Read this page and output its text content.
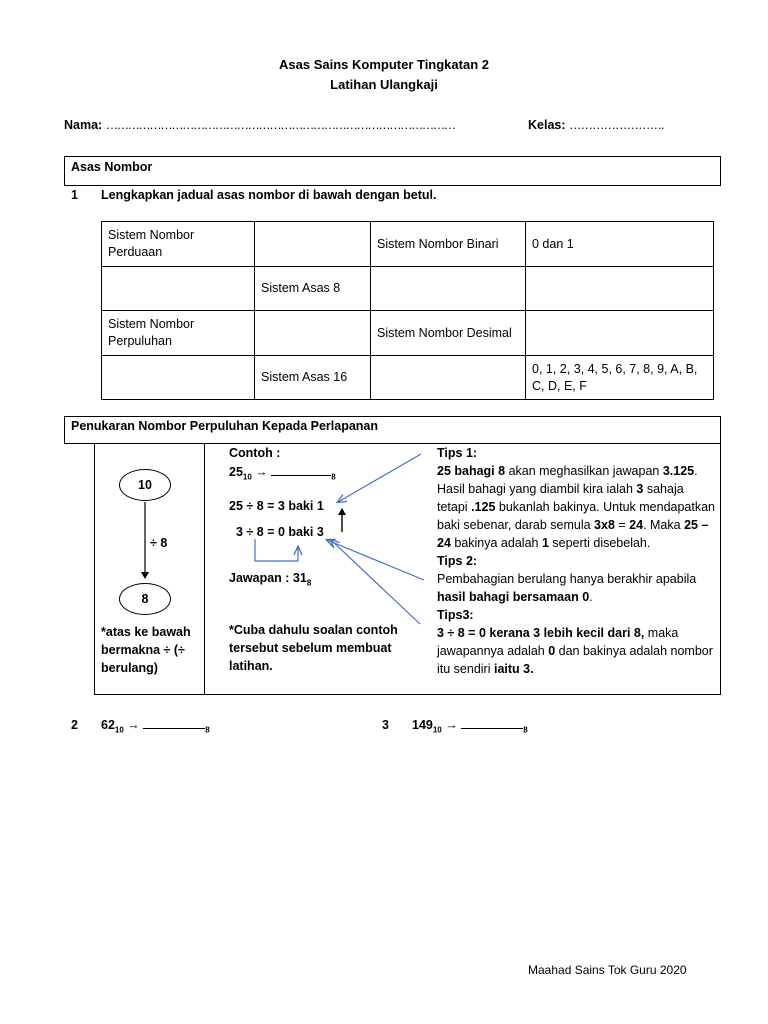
Asas Sains Komputer Tingkatan 2
Latihan Ulangkaji
Nama: ……………………………………………………………………………………	Kelas: …………………….
Asas Nombor
1 Lengkapkan jadual asas nombor di bawah dengan betul.
Sistem Nombor Perduaan		Sistem Nombor Binari	0 dan 1
	Sistem Asas 8		
Sistem Nombor Perpuluhan		Sistem Nombor Desimal	
	Sistem Asas 16		0, 1, 2, 3, 4, 5, 6, 7, 8, 9, A, B, C, D, E, F
Penukaran Nombor Perpuluhan Kepada Perlapanan
10
÷ 8
8
*atas ke bawah bermakna ÷ (÷ berulang)
Contoh :
$25_{10}$ →	$_8$
25 ÷ 8 = 3 baki 1
3 ÷ 8 = 0 baki 3
Jawapan : $31_8$
*Cuba dahulu soalan contoh tersebut sebelum membuat latihan.
Tips 1:
25 bahagi 8 akan meghasilkan jawapan 3.125. Hasil bahagi yang diambil kira ialah 3 sahaja tetapi .125 bukanlah bakinya. Untuk mendapatkan baki sebenar, darab semula 3x8 = 24. Maka 25 – 24 bakinya adalah 1 seperti disebelah.
Tips 2:
Pembahagian berulang hanya berakhir apabila hasil bahagi bersamaan 0.
Tips3:
3 ÷ 8 = 0 kerana 3 lebih kecil dari 8, maka jawapannya adalah 0 dan bakinya adalah nombor itu sendiri iaitu 3.
2 $62_{10}$ →	$_8$	3 $149_{10}$ →	$_8$
Maahad Sains Tok Guru 2020
